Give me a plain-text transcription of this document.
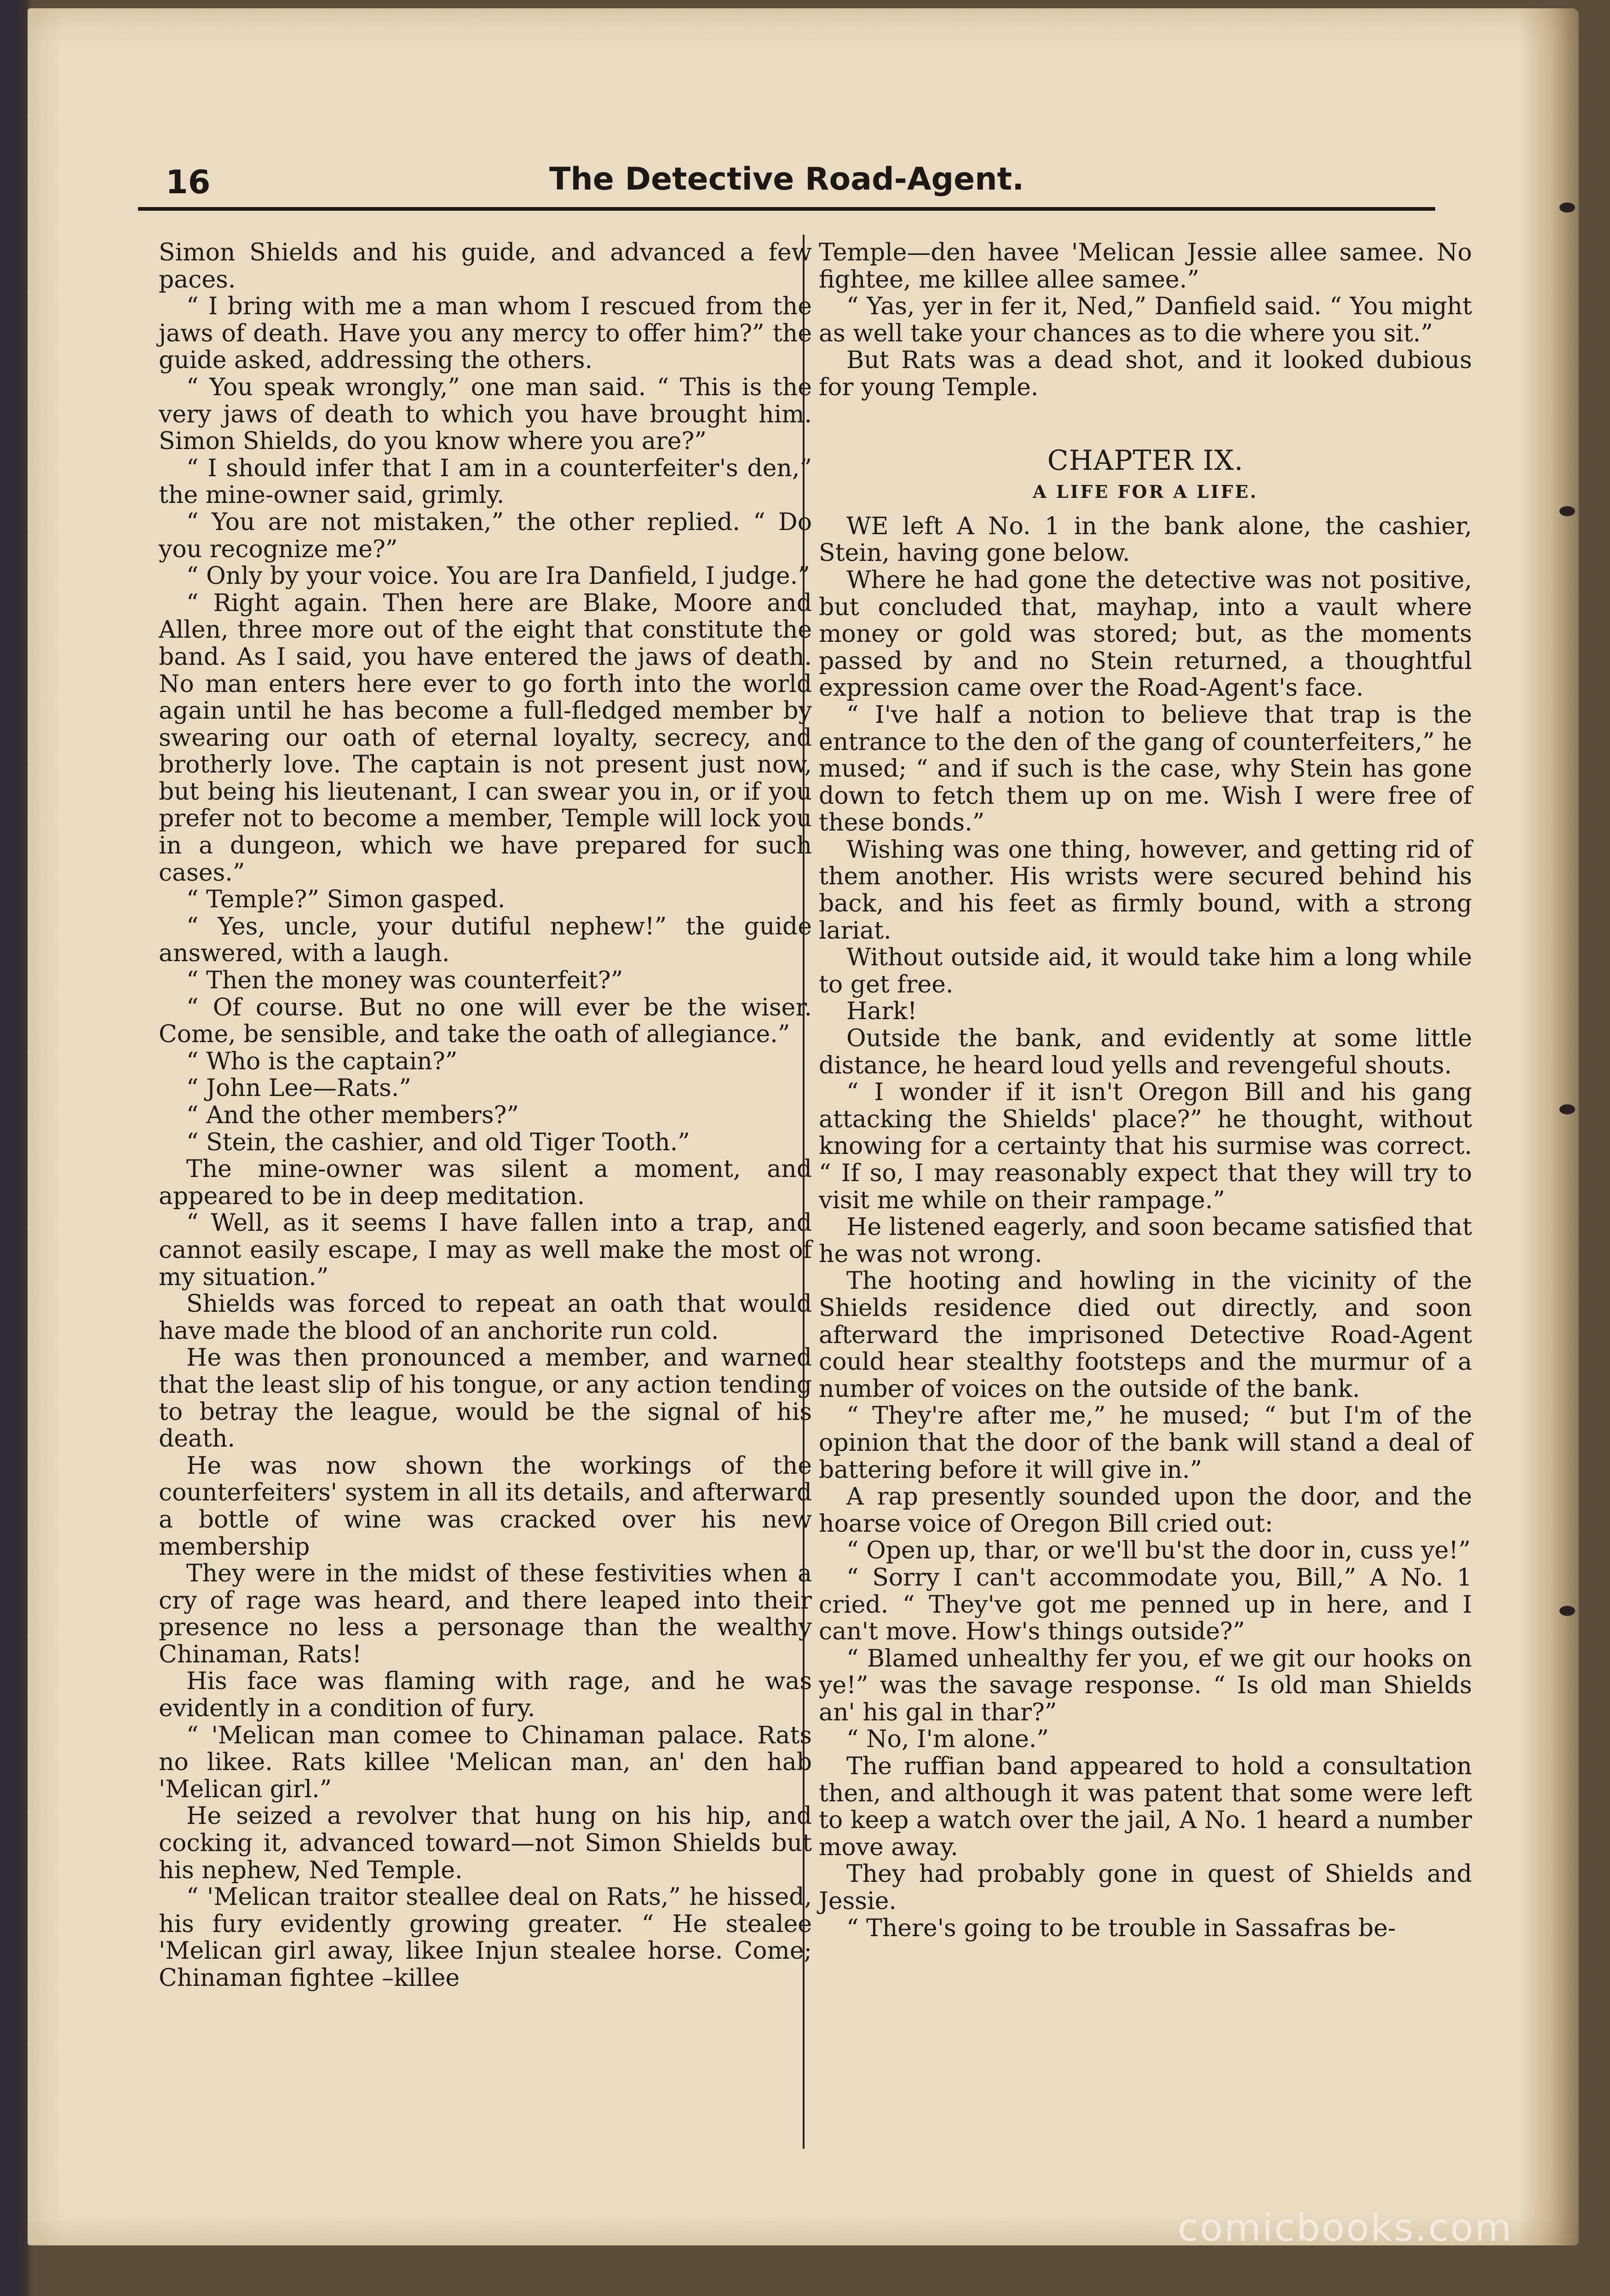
16	The Detective Road-Agent.

Simon Shields and his guide, and advanced a few paces.

“ I bring with me a man whom I rescued from the jaws of death. Have you any mercy to offer him?” the guide asked, addressing the others.

“ You speak wrongly,” one man said. “ This is the very jaws of death to which you have brought him. Simon Shields, do you know where you are?”

“ I should infer that I am in a counterfeiter's den,” the mine-owner said, grimly.

“ You are not mistaken,” the other replied. “ Do you recognize me?”

“ Only by your voice. You are Ira Danfield, I judge.”

“ Right again. Then here are Blake, Moore and Allen, three more out of the eight that constitute the band. As I said, you have entered the jaws of death. No man enters here ever to go forth into the world again until he has become a full-fledged member by swearing our oath of eternal loyalty, secrecy, and brotherly love. The captain is not present just now, but being his lieutenant, I can swear you in, or if you prefer not to become a member, Temple will lock you in a dungeon, which we have prepared for such cases.”

“ Temple?” Simon gasped.

“ Yes, uncle, your dutiful nephew!” the guide answered, with a laugh.

“ Then the money was counterfeit?”

“ Of course. But no one will ever be the wiser. Come, be sensible, and take the oath of allegiance.”

“ Who is the captain?”

“ John Lee—Rats.”

“ And the other members?”

“ Stein, the cashier, and old Tiger Tooth.”

The mine-owner was silent a moment, and appeared to be in deep meditation.

“ Well, as it seems I have fallen into a trap, and cannot easily escape, I may as well make the most of my situation.”

Shields was forced to repeat an oath that would have made the blood of an anchorite run cold.

He was then pronounced a member, and warned that the least slip of his tongue, or any action tending to betray the league, would be the signal of his death.

He was now shown the workings of the counterfeiters' system in all its details, and afterward a bottle of wine was cracked over his new membership

They were in the midst of these festivities when a cry of rage was heard, and there leaped into their presence no less a personage than the wealthy Chinaman, Rats!

His face was flaming with rage, and he was evidently in a condition of fury.

“ 'Melican man comee to Chinaman palace. Rats no likee. Rats killee 'Melican man, an' den hab 'Melican girl.”

He seized a revolver that hung on his hip, and cocking it, advanced toward—not Simon Shields but his nephew, Ned Temple.

“ 'Melican traitor steallee deal on Rats,” he hissed, his fury evidently growing greater. “ He stealee 'Melican girl away, likee Injun stealee horse. Come; Chinaman fightee –killee

Temple—den havee 'Melican Jessie allee samee. No fightee, me killee allee samee.”

“ Yas, yer in fer it, Ned,” Danfield said. “ You might as well take your chances as to die where you sit.”

But Rats was a dead shot, and it looked dubious for young Temple.

CHAPTER IX.
A LIFE FOR A LIFE.

WE left A No. 1 in the bank alone, the cashier, Stein, having gone below.

Where he had gone the detective was not positive, but concluded that, mayhap, into a vault where money or gold was stored; but, as the moments passed by and no Stein returned, a thoughtful expression came over the Road-Agent's face.

“ I've half a notion to believe that trap is the entrance to the den of the gang of counterfeiters,” he mused; “ and if such is the case, why Stein has gone down to fetch them up on me. Wish I were free of these bonds.”

Wishing was one thing, however, and getting rid of them another. His wrists were secured behind his back, and his feet as firmly bound, with a strong lariat.

Without outside aid, it would take him a long while to get free.

Hark!

Outside the bank, and evidently at some little distance, he heard loud yells and revengeful shouts.

“ I wonder if it isn't Oregon Bill and his gang attacking the Shields' place?” he thought, without knowing for a certainty that his surmise was correct. “ If so, I may reasonably expect that they will try to visit me while on their rampage.”

He listened eagerly, and soon became satisfied that he was not wrong.

The hooting and howling in the vicinity of the Shields residence died out directly, and soon afterward the imprisoned Detective Road-Agent could hear stealthy footsteps and the murmur of a number of voices on the outside of the bank.

“ They're after me,” he mused; “ but I'm of the opinion that the door of the bank will stand a deal of battering before it will give in.”

A rap presently sounded upon the door, and the hoarse voice of Oregon Bill cried out:

“ Open up, thar, or we'll bu'st the door in, cuss ye!”

“ Sorry I can't accommodate you, Bill,” A No. 1 cried. “ They've got me penned up in here, and I can't move. How's things outside?”

“ Blamed unhealthy fer you, ef we git our hooks on ye!” was the savage response. “ Is old man Shields an' his gal in thar?”

“ No, I'm alone.”

The ruffian band appeared to hold a consultation then, and although it was patent that some were left to keep a watch over the jail, A No. 1 heard a number move away.

They had probably gone in quest of Shields and Jessie.

“ There's going to be trouble in Sassafras be-

comicbooks.com
